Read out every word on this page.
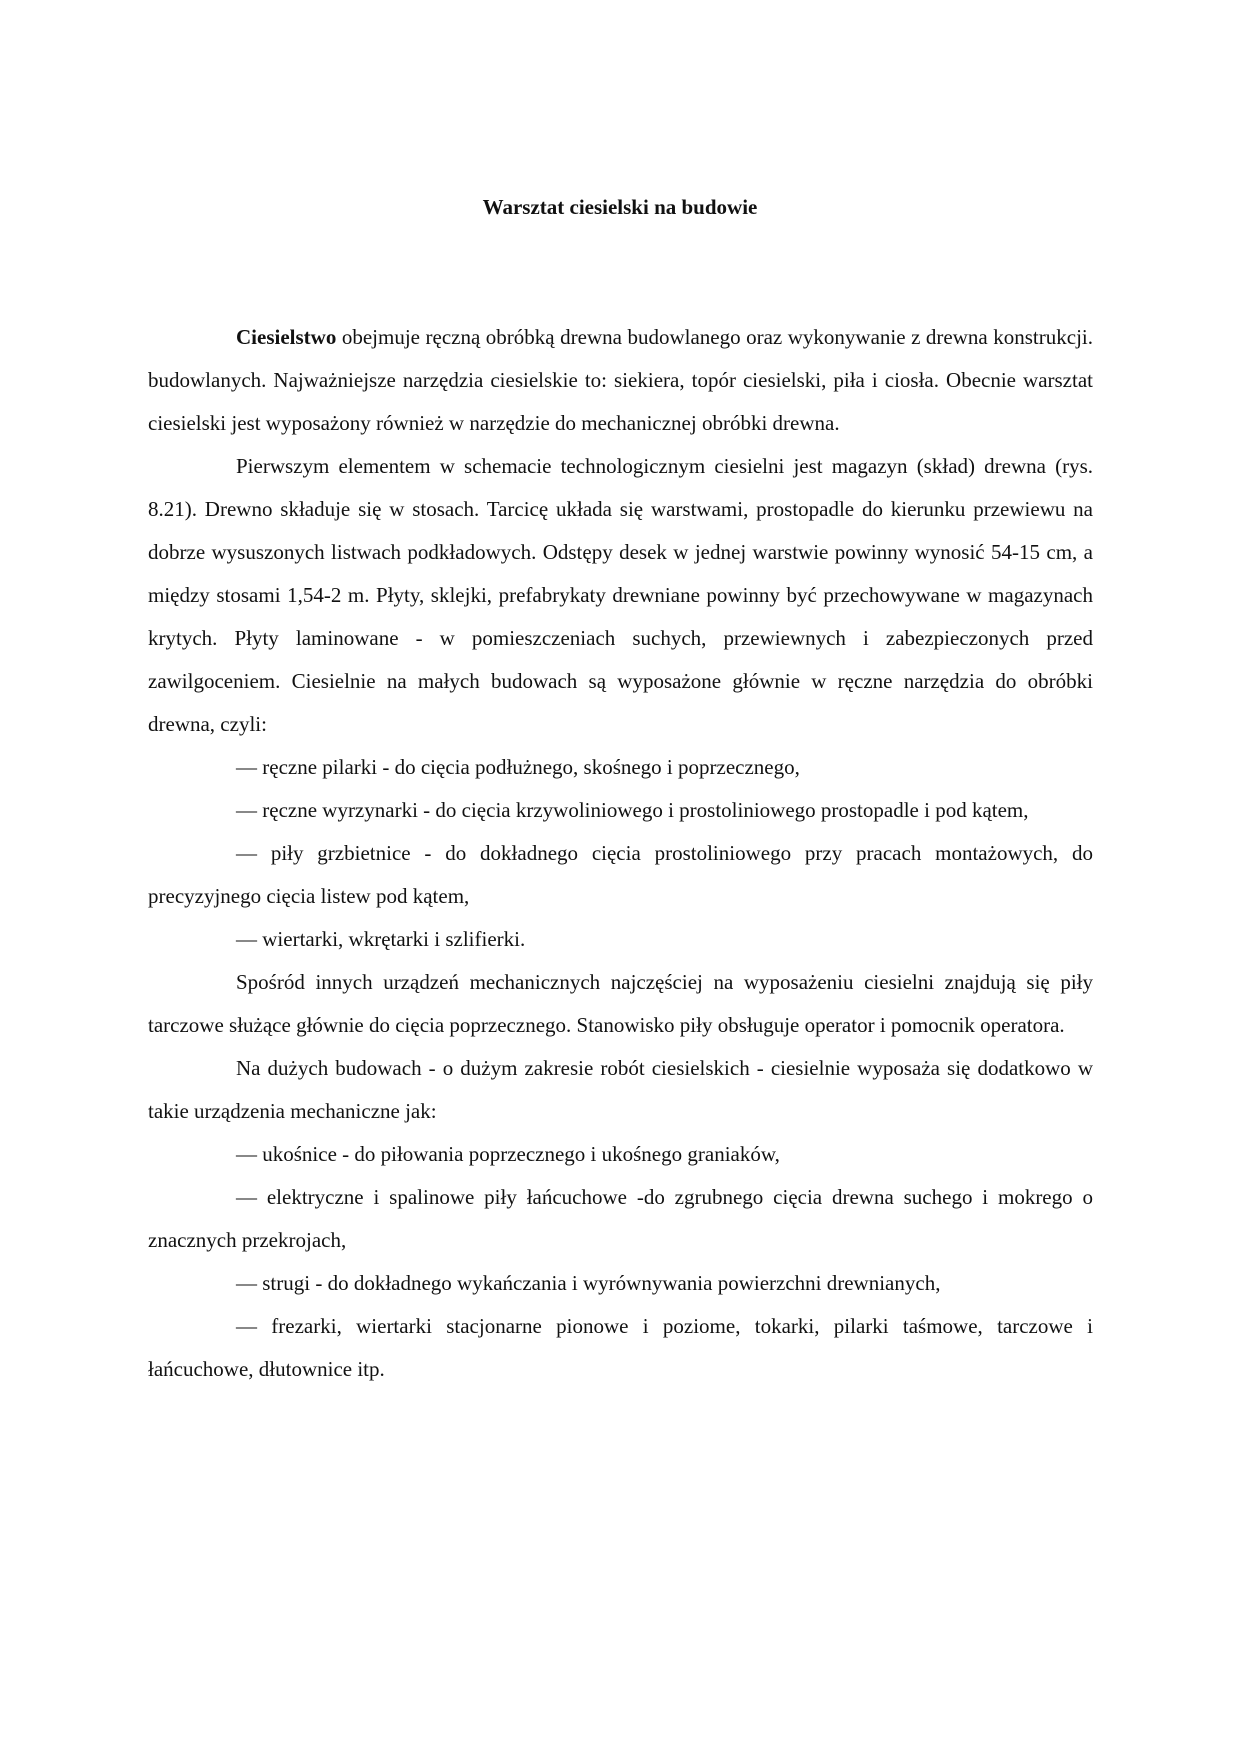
Warsztat ciesielski na budowie

Ciesielstwo obejmuje ręczną obróbką drewna budowlanego oraz wykonywanie z drewna konstrukcji. budowlanych. Najważniejsze narzędzia ciesielskie to: siekiera, topór ciesielski, piła i ciosła. Obecnie warsztat ciesielski jest wyposażony również w narzędzie do mechanicznej obróbki drewna.

Pierwszym elementem w schemacie technologicznym ciesielni jest magazyn (skład) drewna (rys. 8.21). Drewno składuje się w stosach. Tarcicę układa się warstwami, prostopadle do kierunku przewiewu na dobrze wysuszonych listwach podkładowych. Odstępy desek w jednej warstwie powinny wynosić 54-15 cm, a między stosami 1,54-2 m. Płyty, sklejki, prefabrykaty drewniane powinny być przechowywane w magazynach krytych. Płyty laminowane - w pomieszczeniach suchych, przewiewnych i zabezpieczonych przed zawilgoceniem. Ciesielnie na małych budowach są wyposażone głównie w ręczne narzędzia do obróbki drewna, czyli:

— ręczne pilarki - do cięcia podłużnego, skośnego i poprzecznego,

— ręczne wyrzynarki - do cięcia krzywoliniowego i prostoliniowego prostopadle i pod kątem,

— piły grzbietnice - do dokładnego cięcia prostoliniowego przy pracach montażowych, do precyzyjnego cięcia listew pod kątem,

— wiertarki, wkrętarki i szlifierki.

Spośród innych urządzeń mechanicznych najczęściej na wyposażeniu ciesielni znajdują się piły tarczowe służące głównie do cięcia poprzecznego. Stanowisko piły obsługuje operator i pomocnik operatora.

Na dużych budowach - o dużym zakresie robót ciesielskich - ciesielnie wyposaża się dodatkowo w takie urządzenia mechaniczne jak:

— ukośnice - do piłowania poprzecznego i ukośnego graniaków,

— elektryczne i spalinowe piły łańcuchowe -do zgrubnego cięcia drewna suchego i mokrego o znacznych przekrojach,

— strugi - do dokładnego wykańczania i wyrównywania powierzchni drewnianych,

— frezarki, wiertarki stacjonarne pionowe i poziome, tokarki, pilarki taśmowe, tarczowe i łańcuchowe, dłutownice itp.
